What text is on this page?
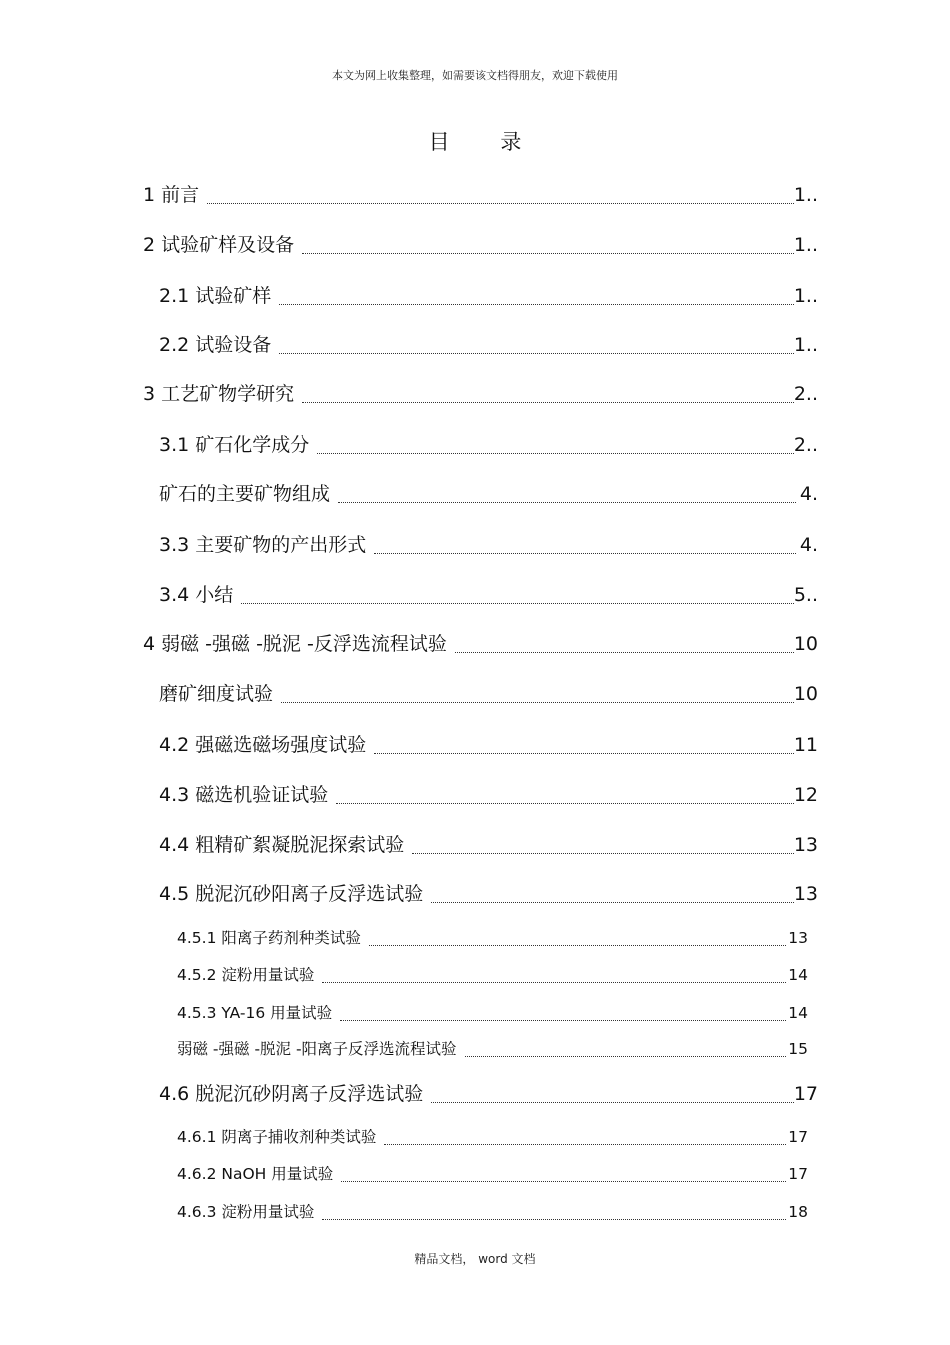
本文为网上收集整理，如需要该文档得朋友，欢迎下载使用
目 录
1 前言	1..
2 试验矿样及设备	1..
2.1 试验矿样	1..
2.2 试验设备	1..
3 工艺矿物学研究	2..
3.1 矿石化学成分	2..
矿石的主要矿物组成	4.
3.3 主要矿物的产出形式	4.
3.4 小结	5..
4 弱磁 -强磁 -脱泥 -反浮选流程试验	10
磨矿细度试验	10
4.2 强磁选磁场强度试验	11
4.3 磁选机验证试验	12
4.4 粗精矿絮凝脱泥探索试验	13
4.5 脱泥沉砂阳离子反浮选试验	13
4.5.1 阳离子药剂种类试验	13
4.5.2 淀粉用量试验	14
4.5.3 YA-16 用量试验	14
弱磁 -强磁 -脱泥 -阳离子反浮选流程试验	15
4.6 脱泥沉砂阴离子反浮选试验	17
4.6.1 阴离子捕收剂种类试验	17
4.6.2 NaOH 用量试验	17
4.6.3 淀粉用量试验	18
精品文档， word 文档
